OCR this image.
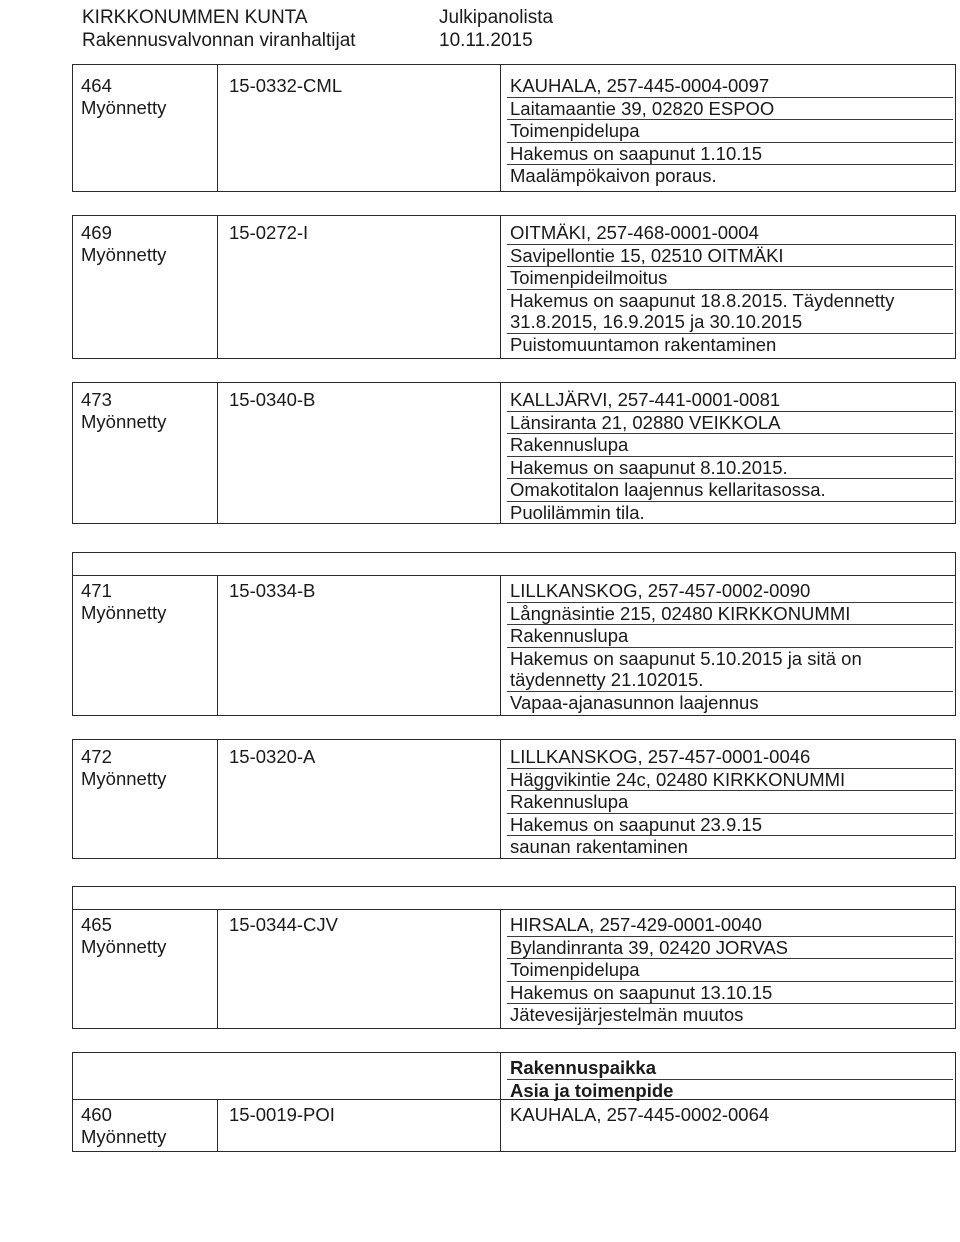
KIRKKONUMMEN KUNTA
Rakennusvalvonnan viranhaltijat
Julkipanolista
10.11.2015
464
Myönnetty
15-0332-CML	KAUHALA, 257-445-0004-0097
Laitamaantie 39, 02820 ESPOO
Toimenpidelupa
Hakemus on saapunut 1.10.15
Maalämpökaivon poraus.
469
Myönnetty
15-0272-I	OITMÄKI, 257-468-0001-0004
Savipellontie 15, 02510 OITMÄKI
Toimenpideilmoitus
Hakemus on saapunut 18.8.2015. Täydennetty
31.8.2015, 16.9.2015 ja 30.10.2015
Puistomuuntamon rakentaminen
473
Myönnetty
15-0340-B	KALLJÄRVI, 257-441-0001-0081
Länsiranta 21, 02880 VEIKKOLA
Rakennuslupa
Hakemus on saapunut 8.10.2015.
Omakotitalon laajennus kellaritasossa.
Puolilämmin tila.
471
Myönnetty
15-0334-B	LILLKANSKOG, 257-457-0002-0090
Långnäsintie 215, 02480 KIRKKONUMMI
Rakennuslupa
Hakemus on saapunut 5.10.2015 ja sitä on
täydennetty 21.102015.
Vapaa-ajanasunnon laajennus
472
Myönnetty
15-0320-A	LILLKANSKOG, 257-457-0001-0046
Häggvikintie 24c, 02480 KIRKKONUMMI
Rakennuslupa
Hakemus on saapunut 23.9.15
saunan rakentaminen
465
Myönnetty
15-0344-CJV	HIRSALA, 257-429-0001-0040
Bylandinranta 39, 02420 JORVAS
Toimenpidelupa
Hakemus on saapunut 13.10.15
Jätevesijärjestelmän muutos
Rakennuspaikka
Asia ja toimenpide
460
Myönnetty
15-0019-POI	KAUHALA, 257-445-0002-0064
